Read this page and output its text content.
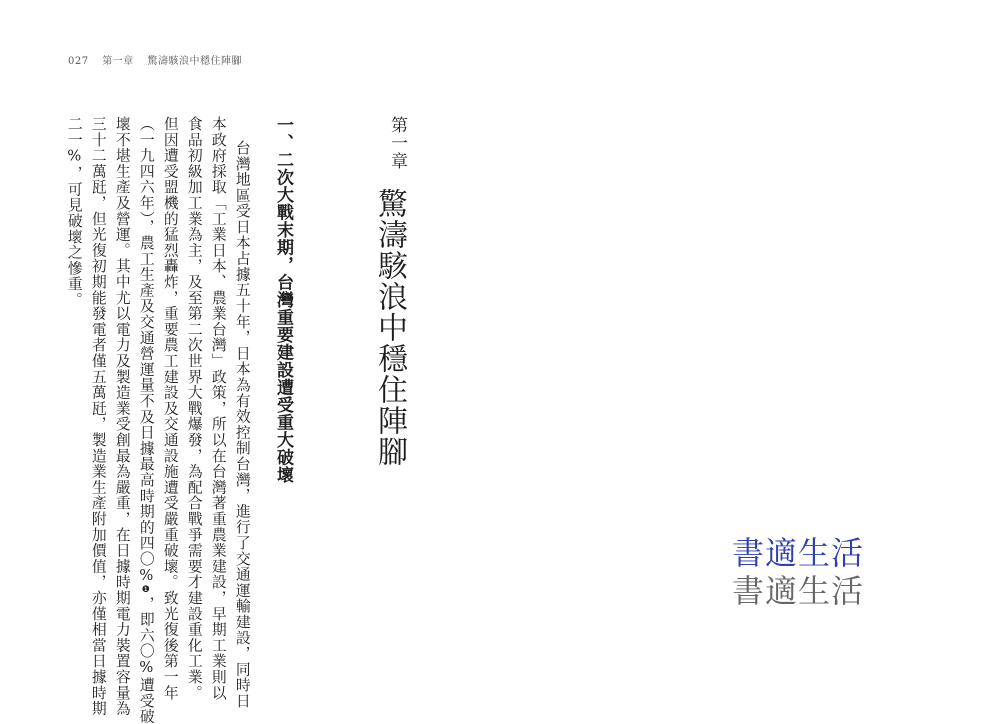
027 第一章 驚濤駭浪中穩住陣腳
第一章
驚濤駭浪中穩住陣腳
一、二次大戰末期，台灣重要建設遭受重大破壞
台灣地區受日本占據五十年，日本為有效控制台灣，進行了交通運輸建設，同時日
本政府採取「工業日本、農業台灣」政策，所以在台灣著重農業建設，早期工業則以
食品初級加工業為主，及至第二次世界大戰爆發，為配合戰爭需要才建設重化工業。
但因遭受盟機的猛烈轟炸，重要農工建設及交通設施遭受嚴重破壞。致光復後第一年
（一九四六年），農工生產及交通營運量不及日據最高時期的四〇%❶，即六〇%遭受破
壞不堪生產及營運。其中尤以電力及製造業受創最為嚴重，在日據時期電力裝置容量為
三十二萬瓩，但光復初期能發電者僅五萬瓩，製造業生產附加價值，亦僅相當日據時期
二一%，可見破壞之慘重。
書適生活
書適生活
